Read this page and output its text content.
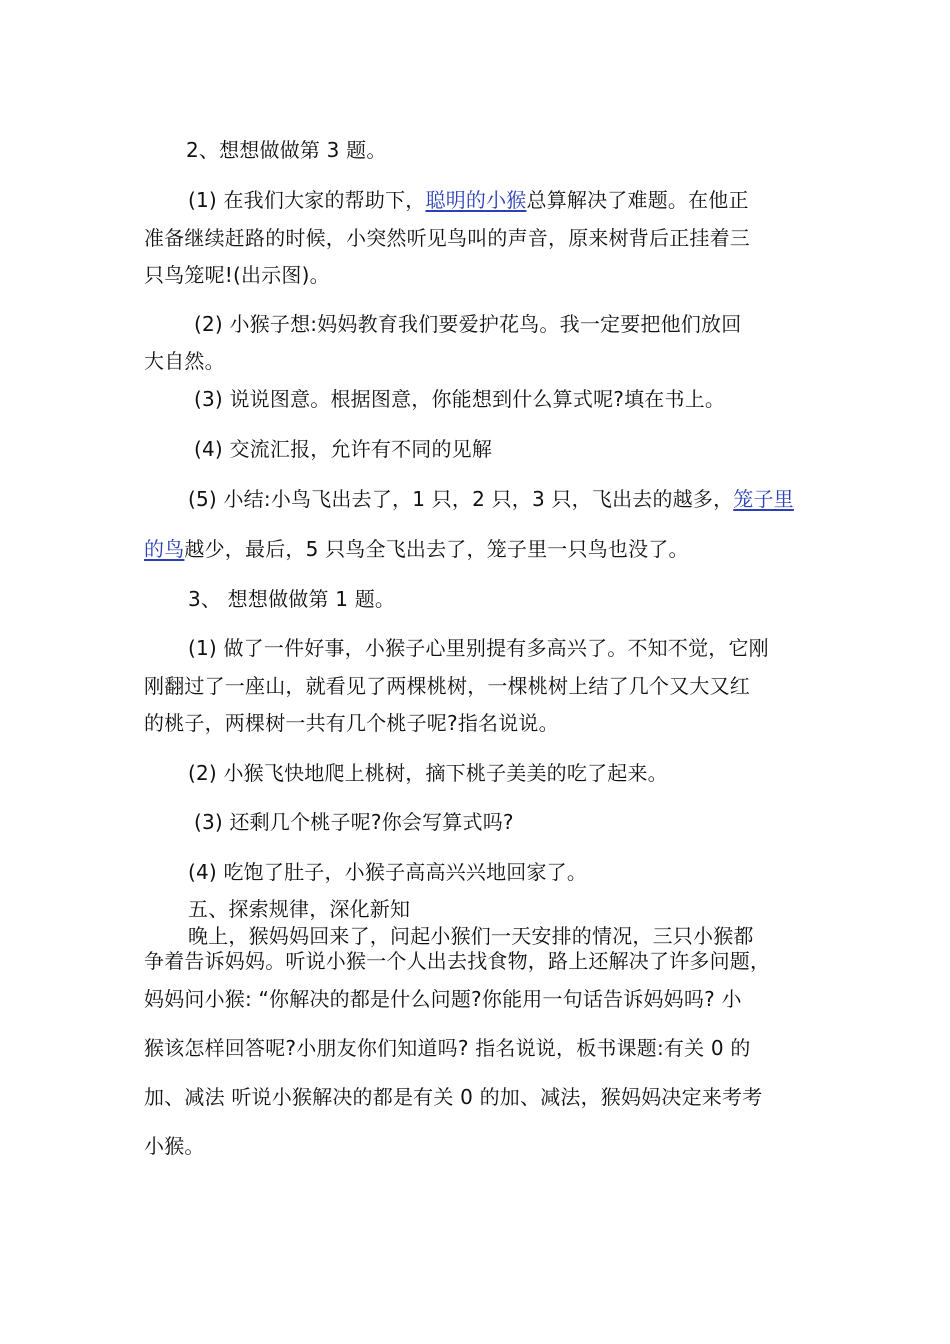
2、想想做做第 3 题。
(1) 在我们大家的帮助下，聪明的小猴总算解决了难题。在他正
准备继续赶路的时候，小突然听见鸟叫的声音，原来树背后正挂着三
只鸟笼呢!(出示图)。
(2) 小猴子想:妈妈教育我们要爱护花鸟。我一定要把他们放回
大自然。
(3) 说说图意。根据图意，你能想到什么算式呢?填在书上。
(4) 交流汇报，允许有不同的见解
(5) 小结:小鸟飞出去了，1 只，2 只，3 只，飞出去的越多，笼子里
的鸟越少，最后，5 只鸟全飞出去了，笼子里一只鸟也没了。
3、 想想做做第 1 题。
(1) 做了一件好事，小猴子心里别提有多高兴了。不知不觉，它刚
刚翻过了一座山，就看见了两棵桃树，一棵桃树上结了几个又大又红
的桃子，两棵树一共有几个桃子呢?指名说说。
(2) 小猴飞快地爬上桃树，摘下桃子美美的吃了起来。
(3) 还剩几个桃子呢?你会写算式吗?
(4) 吃饱了肚子，小猴子高高兴兴地回家了。
五、探索规律，深化新知
晚上，猴妈妈回来了，问起小猴们一天安排的情况，三只小猴都
争着告诉妈妈。听说小猴一个人出去找食物，路上还解决了许多问题，
妈妈问小猴: “你解决的都是什么问题?你能用一句话告诉妈妈吗? 小
猴该怎样回答呢?小朋友你们知道吗? 指名说说，板书课题:有关 0 的
加、减法 听说小猴解决的都是有关 0 的加、减法，猴妈妈决定来考考
小猴。
